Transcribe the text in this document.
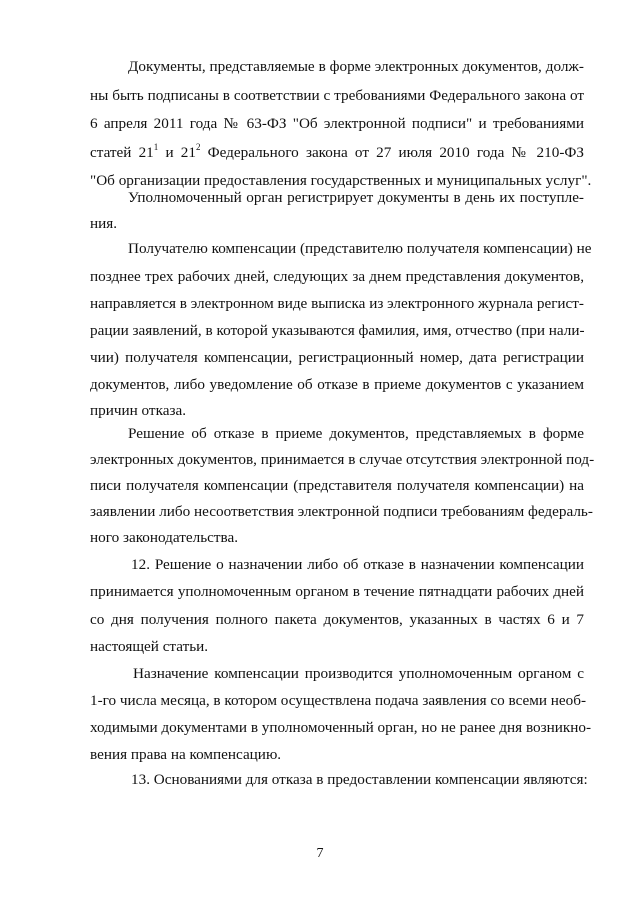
Документы, представляемые в форме электронных документов, долж-
ны быть подписаны в соответствии с требованиями Федерального закона от
6 апреля 2011 года № 63-ФЗ "Об электронной подписи" и требованиями
статей $21^1$ и $21^2$ Федерального закона от 27 июля 2010 года № 210-ФЗ
"Об организации предоставления государственных и муниципальных услуг".
Уполномоченный орган регистрирует документы в день их поступле-
ния.
Получателю компенсации (представителю получателя компенсации) не
позднее трех рабочих дней, следующих за днем представления документов,
направляется в электронном виде выписка из электронного журнала регист-
рации заявлений, в которой указываются фамилия, имя, отчество (при нали-
чии) получателя компенсации, регистрационный номер, дата регистрации
документов, либо уведомление об отказе в приеме документов с указанием
причин отказа.
Решение об отказе в приеме документов, представляемых в форме
электронных документов, принимается в случае отсутствия электронной под-
писи получателя компенсации (представителя получателя компенсации) на
заявлении либо несоответствия электронной подписи требованиям федераль-
ного законодательства.
12. Решение о назначении либо об отказе в назначении компенсации
принимается уполномоченным органом в течение пятнадцати рабочих дней
со дня получения полного пакета документов, указанных в частях 6 и 7
настоящей статьи.
Назначение компенсации производится уполномоченным органом с
1-го числа месяца, в котором осуществлена подача заявления со всеми необ-
ходимыми документами в уполномоченный орган, но не ранее дня возникно-
вения права на компенсацию.
13. Основаниями для отказа в предоставлении компенсации являются:
7
